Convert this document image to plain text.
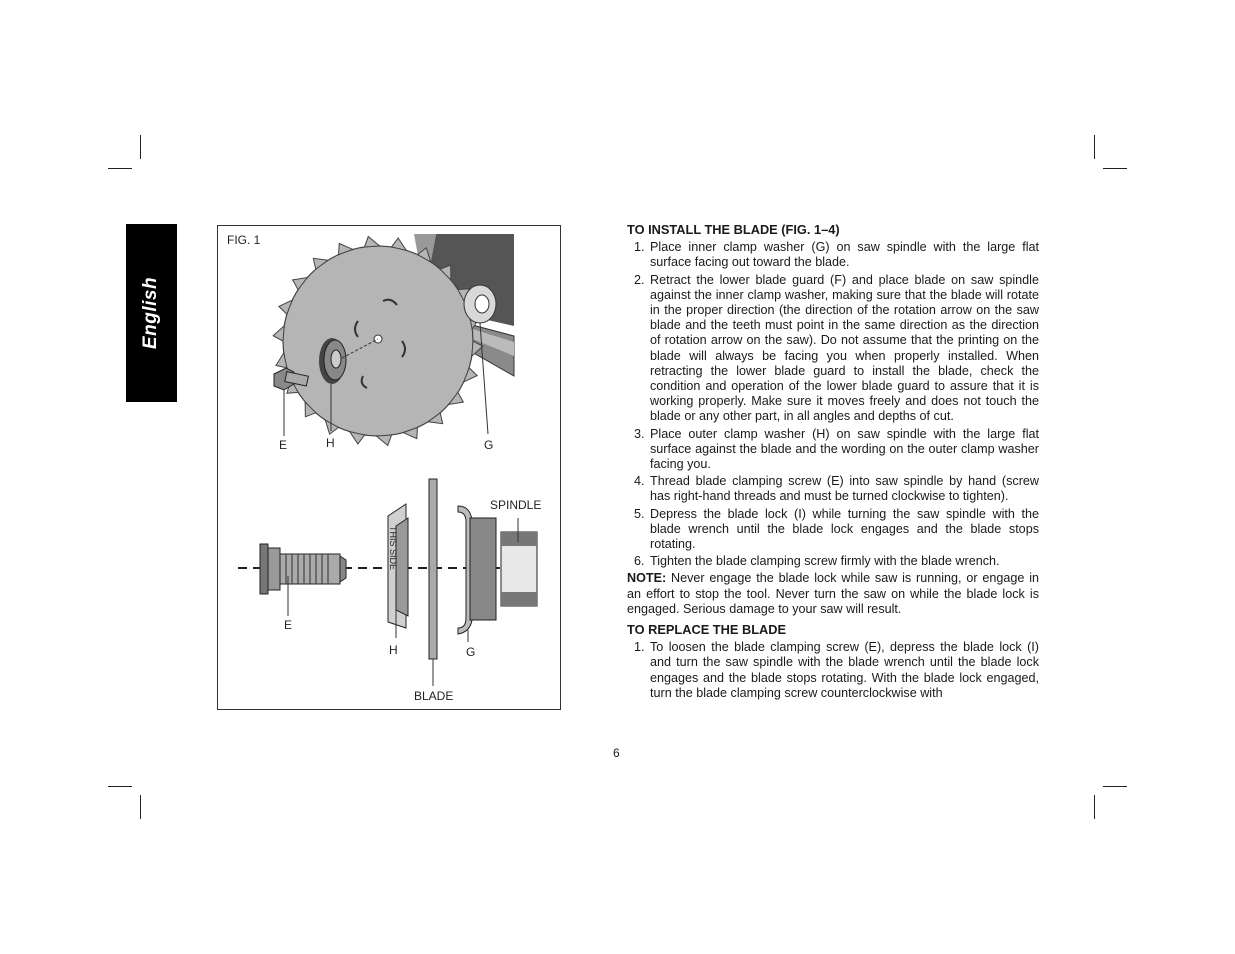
English
THIS SIDE
FIG. 1
E	H	G
SPINDLE
E
H	G
BLADE
TO INSTALL THE BLADE (FIG. 1–4)
1. Place inner clamp washer (G) on saw spindle with the large flat surface facing out toward the blade.
2. Retract the lower blade guard (F) and place blade on saw spindle against the inner clamp washer, making sure that the blade will rotate in the proper direction (the direction of the rotation arrow on the saw blade and the teeth must point in the same direction as the direction of rotation arrow on the saw). Do not assume that the printing on the blade will always be facing you when properly installed. When retracting the lower blade guard to install the blade, check the condition and operation of the lower blade guard to assure that it is working properly. Make sure it moves freely and does not touch the blade or any other part, in all angles and depths of cut.
3. Place outer clamp washer (H) on saw spindle with the large flat surface against the blade and the wording on the outer clamp washer facing you.
4. Thread blade clamping screw (E) into saw spindle by hand (screw has right-hand threads and must be turned clockwise to tighten).
5. Depress the blade lock (I) while turning the saw spindle with the blade wrench until the blade lock engages and the blade stops rotating.
6. Tighten the blade clamping screw firmly with the blade wrench.

NOTE: Never engage the blade lock while saw is running, or engage in an effort to stop the tool. Never turn the saw on while the blade lock is engaged. Serious damage to your saw will result.

TO REPLACE THE BLADE
1. To loosen the blade clamping screw (E), depress the blade lock (I) and turn the saw spindle with the blade wrench until the blade lock engages and the blade stops rotating. With the blade lock engaged, turn the blade clamping screw counterclockwise with
6
